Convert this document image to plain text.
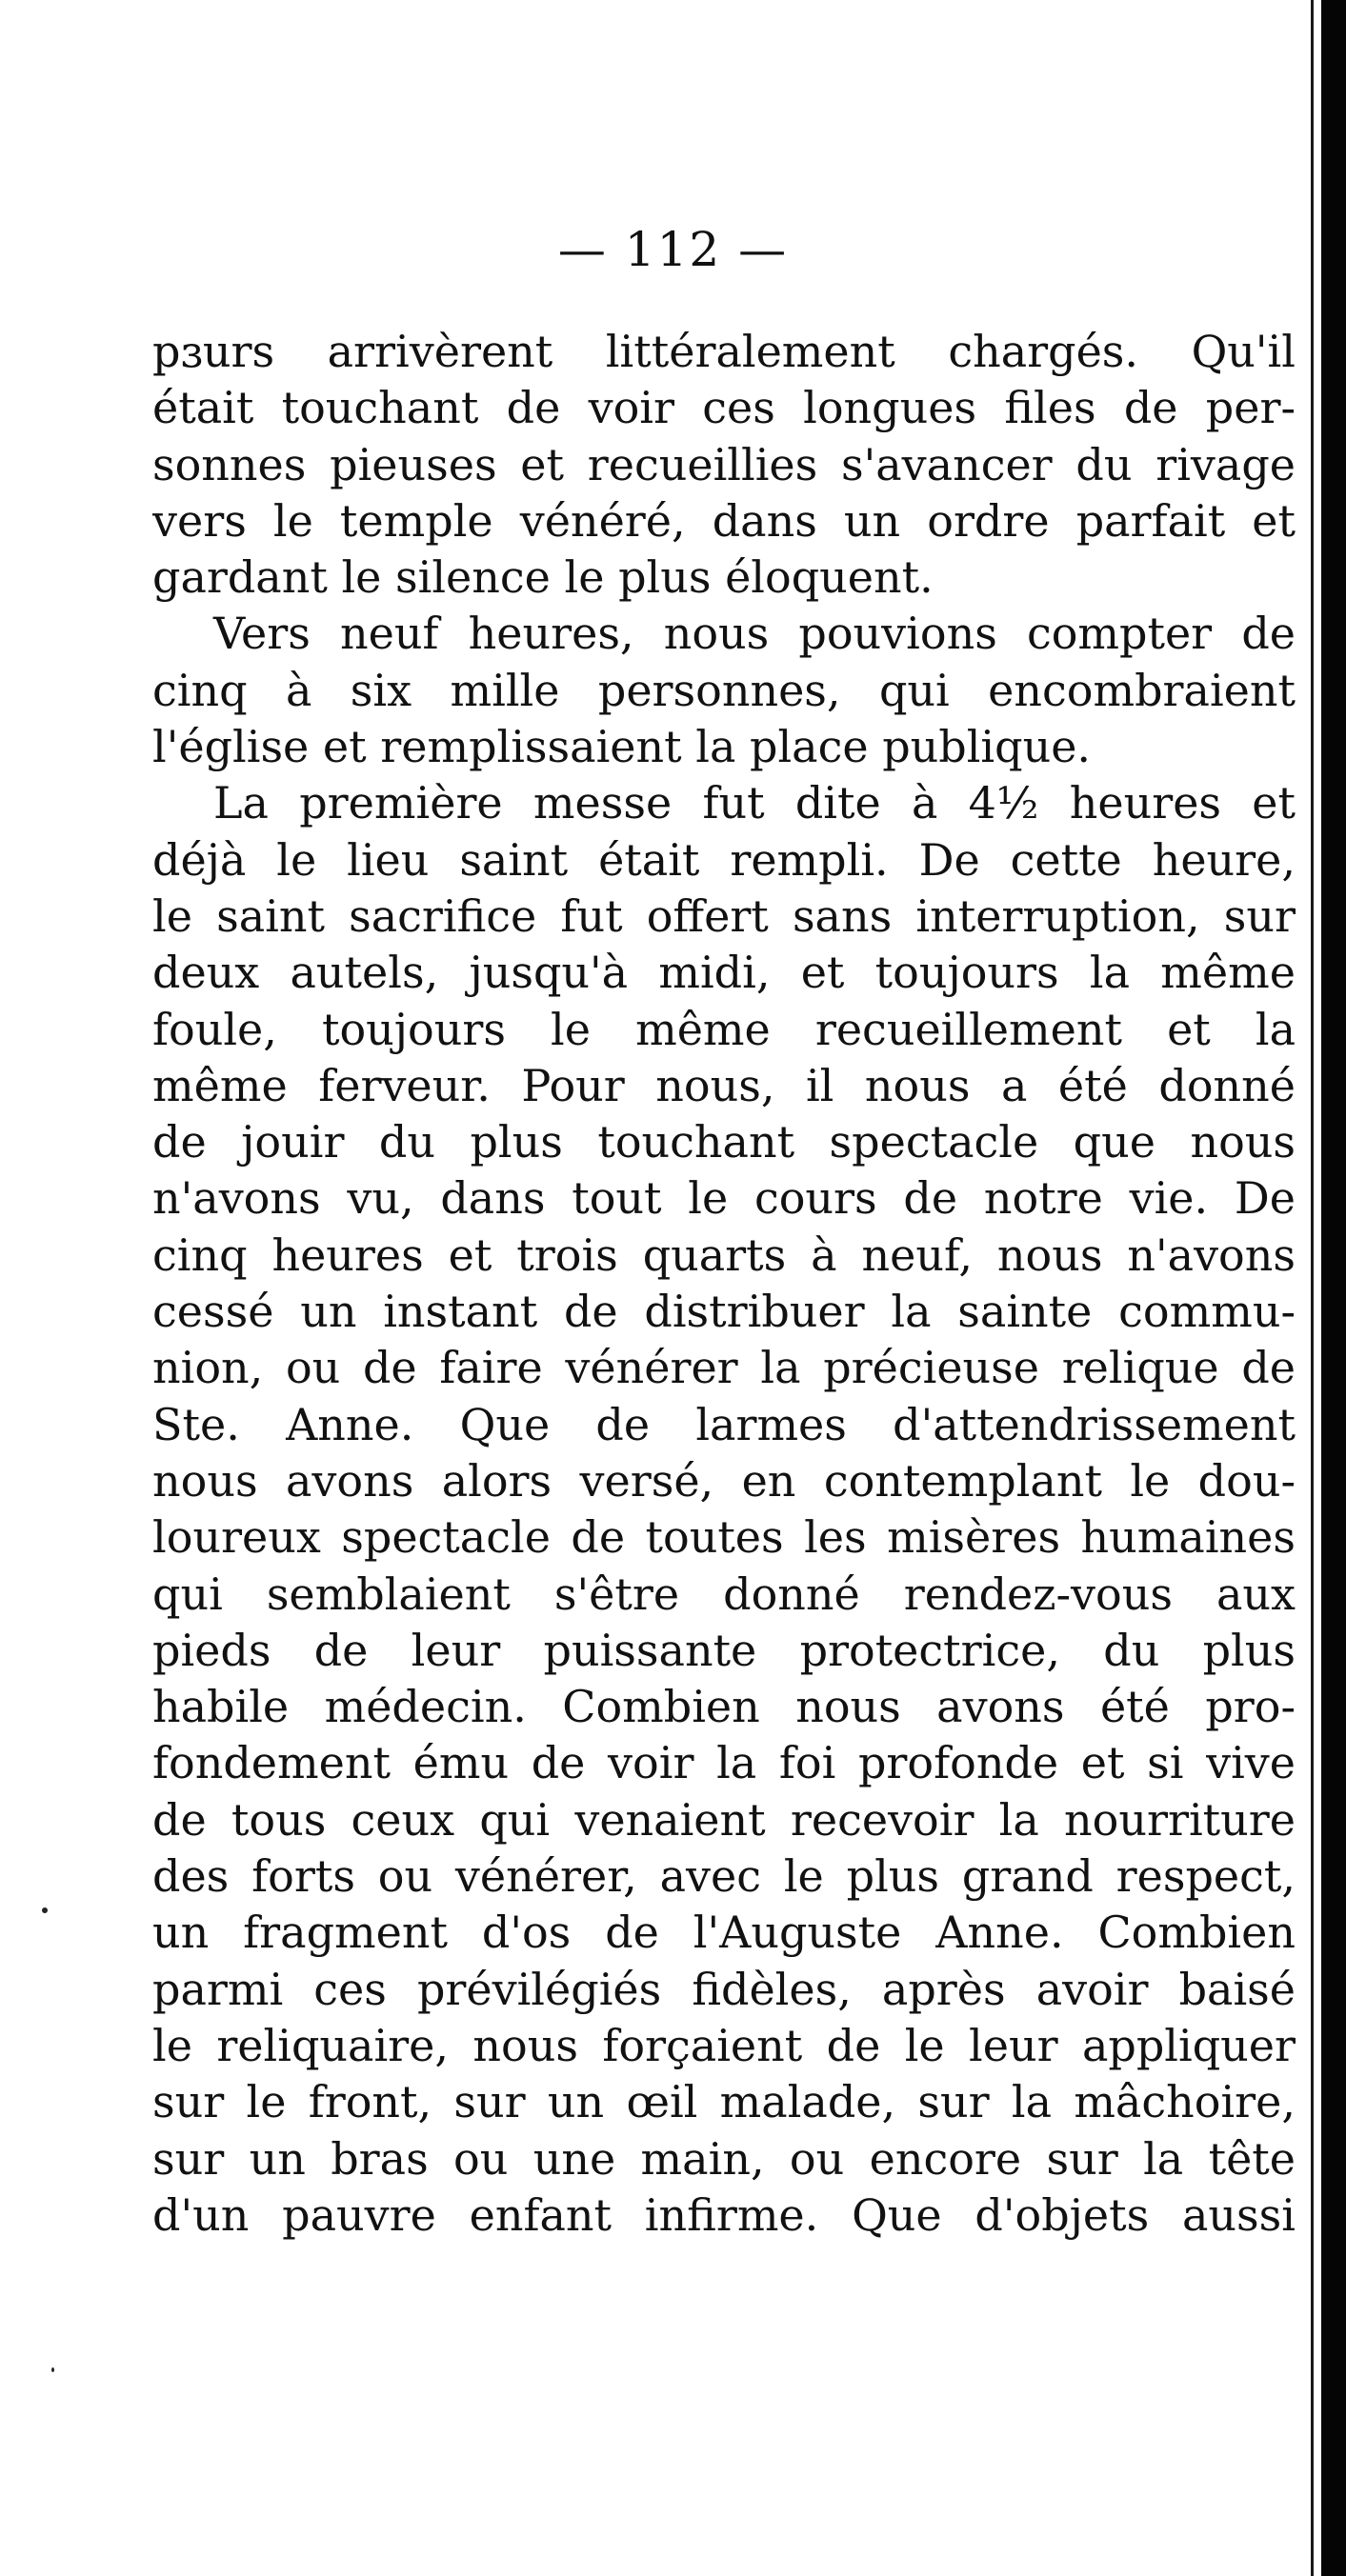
— 112 —
pɜurs arrivèrent littéralement chargés. Qu'il
était touchant de voir ces longues files de per-
sonnes pieuses et recueillies s'avancer du rivage
vers le temple vénéré, dans un ordre parfait et
gardant le silence le plus éloquent.
Vers neuf heures, nous pouvions compter de
cinq à six mille personnes, qui encombraient
l'église et remplissaient la place publique.
La première messe fut dite à 4½ heures et
déjà le lieu saint était rempli. De cette heure,
le saint sacrifice fut offert sans interruption, sur
deux autels, jusqu'à midi, et toujours la même
foule, toujours le même recueillement et la
même ferveur. Pour nous, il nous a été donné
de jouir du plus touchant spectacle que nous
n'avons vu, dans tout le cours de notre vie. De
cinq heures et trois quarts à neuf, nous n'avons
cessé un instant de distribuer la sainte commu-
nion, ou de faire vénérer la précieuse relique de
Ste. Anne. Que de larmes d'attendrissement
nous avons alors versé, en contemplant le dou-
loureux spectacle de toutes les misères humaines
qui semblaient s'être donné rendez-vous aux
pieds de leur puissante protectrice, du plus
habile médecin. Combien nous avons été pro-
fondement ému de voir la foi profonde et si vive
de tous ceux qui venaient recevoir la nourriture
des forts ou vénérer, avec le plus grand respect,
un fragment d'os de l'Auguste Anne. Combien
parmi ces prévilégiés fidèles, après avoir baisé
le reliquaire, nous forçaient de le leur appliquer
sur le front, sur un œil malade, sur la mâchoire,
sur un bras ou une main, ou encore sur la tête
d'un pauvre enfant infirme. Que d'objets aussi
